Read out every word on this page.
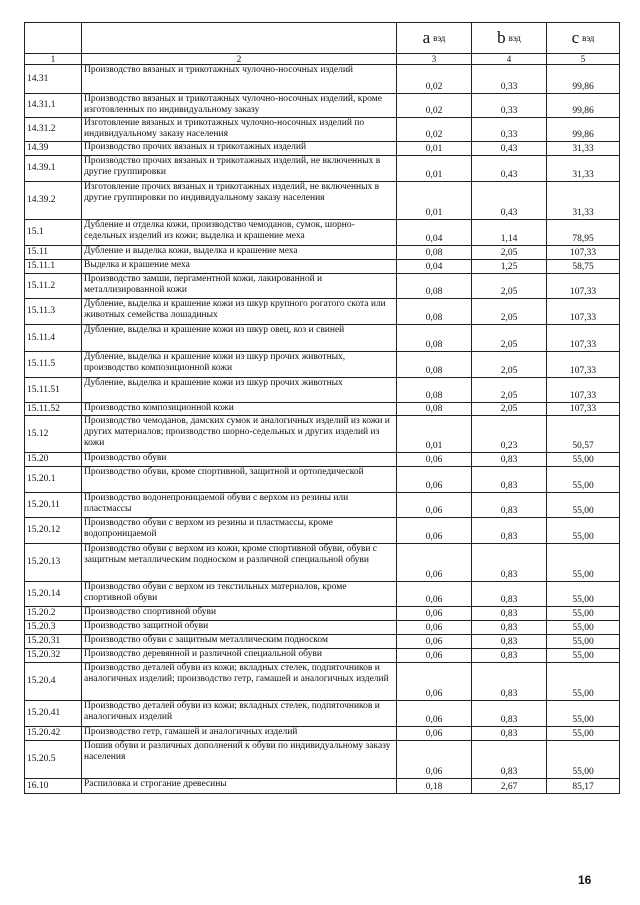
		a вэд	b вэд	c вэд
1	2	3	4	5
14.31	Производство вязаных и трикотажных чулочно-носочных изделий	0,02	0,33	99,86
14.31.1	Производство вязаных и трикотажных чулочно-носочных изделий, кроме изготовленных по индивидуальному заказу	0,02	0,33	99,86
14.31.2	Изготовление вязаных и трикотажных чулочно-носочных изделий по индивидуальному заказу населения	0,02	0,33	99,86
14.39	Производство прочих вязаных и трикотажных изделий	0,01	0,43	31,33
14.39.1	Производство прочих вязаных и трикотажных изделий, не включенных в другие группировки	0,01	0,43	31,33
14.39.2	Изготовление прочих вязаных и трикотажных изделий, не включенных в другие группировки по индивидуальному заказу населения	0,01	0,43	31,33
15.1	Дубление и отделка кожи, производство чемоданов, сумок, шорно-седельных изделий из кожи; выделка и крашение меха	0,04	1,14	78,95
15.11	Дубление и выделка кожи, выделка и крашение меха	0,08	2,05	107,33
15.11.1	Выделка и крашение меха	0,04	1,25	58,75
15.11.2	Производство замши, пергаментной кожи, лакированной и металлизированной кожи	0,08	2,05	107,33
15.11.3	Дубление, выделка и крашение кожи из шкур крупного рогатого скота или животных семейства лошадиных	0,08	2,05	107,33
15.11.4	Дубление, выделка и крашение кожи из шкур овец, коз и свиней	0,08	2,05	107,33
15.11.5	Дубление, выделка и крашение кожи из шкур прочих животных, производство композиционной кожи	0,08	2,05	107,33
15.11.51	Дубление, выделка и крашение кожи из шкур прочих животных	0,08	2,05	107,33
15.11.52	Производство композиционной кожи	0,08	2,05	107,33
15.12	Производство чемоданов, дамских сумок и аналогичных изделий из кожи и других материалов; производство шорно-седельных и других изделий из кожи	0,01	0,23	50,57
15.20	Производство обуви	0,06	0,83	55,00
15.20.1	Производство обуви, кроме спортивной, защитной и ортопедической	0,06	0,83	55,00
15.20.11	Производство водонепроницаемой обуви с верхом из резины или пластмассы	0,06	0,83	55,00
15.20.12	Производство обуви с верхом из резины и пластмассы, кроме водопроницаемой	0,06	0,83	55,00
15.20.13	Производство обуви с верхом из кожи, кроме спортивной обуви, обуви с защитным металлическим подноском и различной специальной обуви	0,06	0,83	55,00
15.20.14	Производство обуви с верхом из текстильных материалов, кроме спортивной обуви	0,06	0,83	55,00
15.20.2	Производство спортивной обуви	0,06	0,83	55,00
15.20.3	Производство защитной обуви	0,06	0,83	55,00
15.20.31	Производство обуви с защитным металлическим подноском	0,06	0,83	55,00
15.20.32	Производство деревянной и различной специальной обуви	0,06	0,83	55,00
15.20.4	Производство деталей обуви из кожи; вкладных стелек, подпяточников и аналогичных изделий; производство гетр, гамашей и аналогичных изделий	0,06	0,83	55,00
15.20.41	Производство деталей обуви из кожи; вкладных стелек, подпяточников и аналогичных изделий	0,06	0,83	55,00
15.20.42	Производство гетр, гамашей и аналогичных изделий	0,06	0,83	55,00
15.20.5	Пошив обуви и различных дополнений к обуви по индивидуальному заказу населения	0,06	0,83	55,00
16.10	Распиловка и строгание древесины	0,18	2,67	85,17
16
